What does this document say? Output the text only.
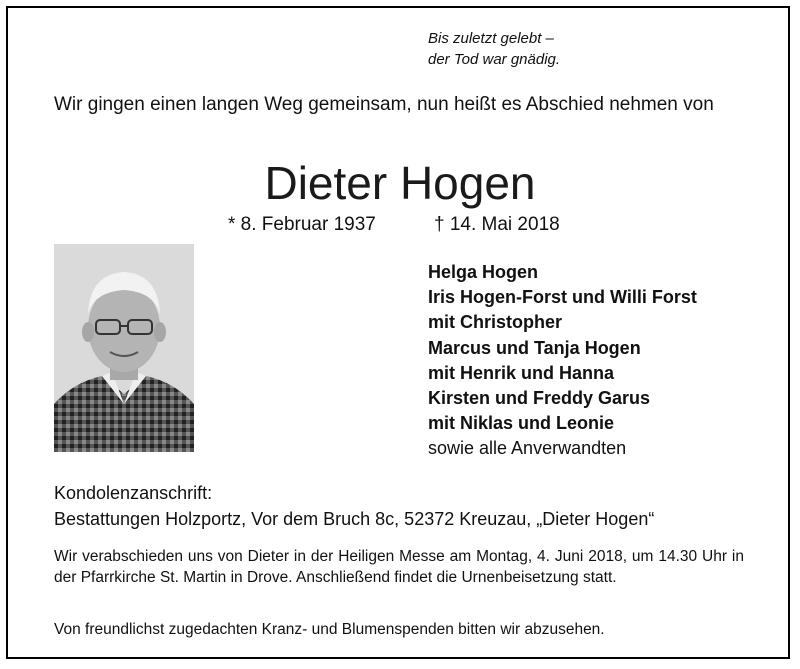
Bis zuletzt gelebt –
der Tod war gnädig.
Wir gingen einen langen Weg gemeinsam, nun heißt es Abschied nehmen von
Dieter Hogen
* 8. Februar 1937	† 14. Mai 2018
Helga Hogen
Iris Hogen-Forst und Willi Forst
mit Christopher
Marcus und Tanja Hogen
mit Henrik und Hanna
Kirsten und Freddy Garus
mit Niklas und Leonie
sowie alle Anverwandten
Kondolenzanschrift:
Bestattungen Holzportz, Vor dem Bruch 8c, 52372 Kreuzau, „Dieter Hogen“
Wir verabschieden uns von Dieter in der Heiligen Messe am Montag, 4. Juni 2018, um 14.30 Uhr in der Pfarrkirche St. Martin in Drove. Anschließend findet die Urnenbeisetzung statt.
Von freundlichst zugedachten Kranz- und Blumenspenden bitten wir abzusehen.
